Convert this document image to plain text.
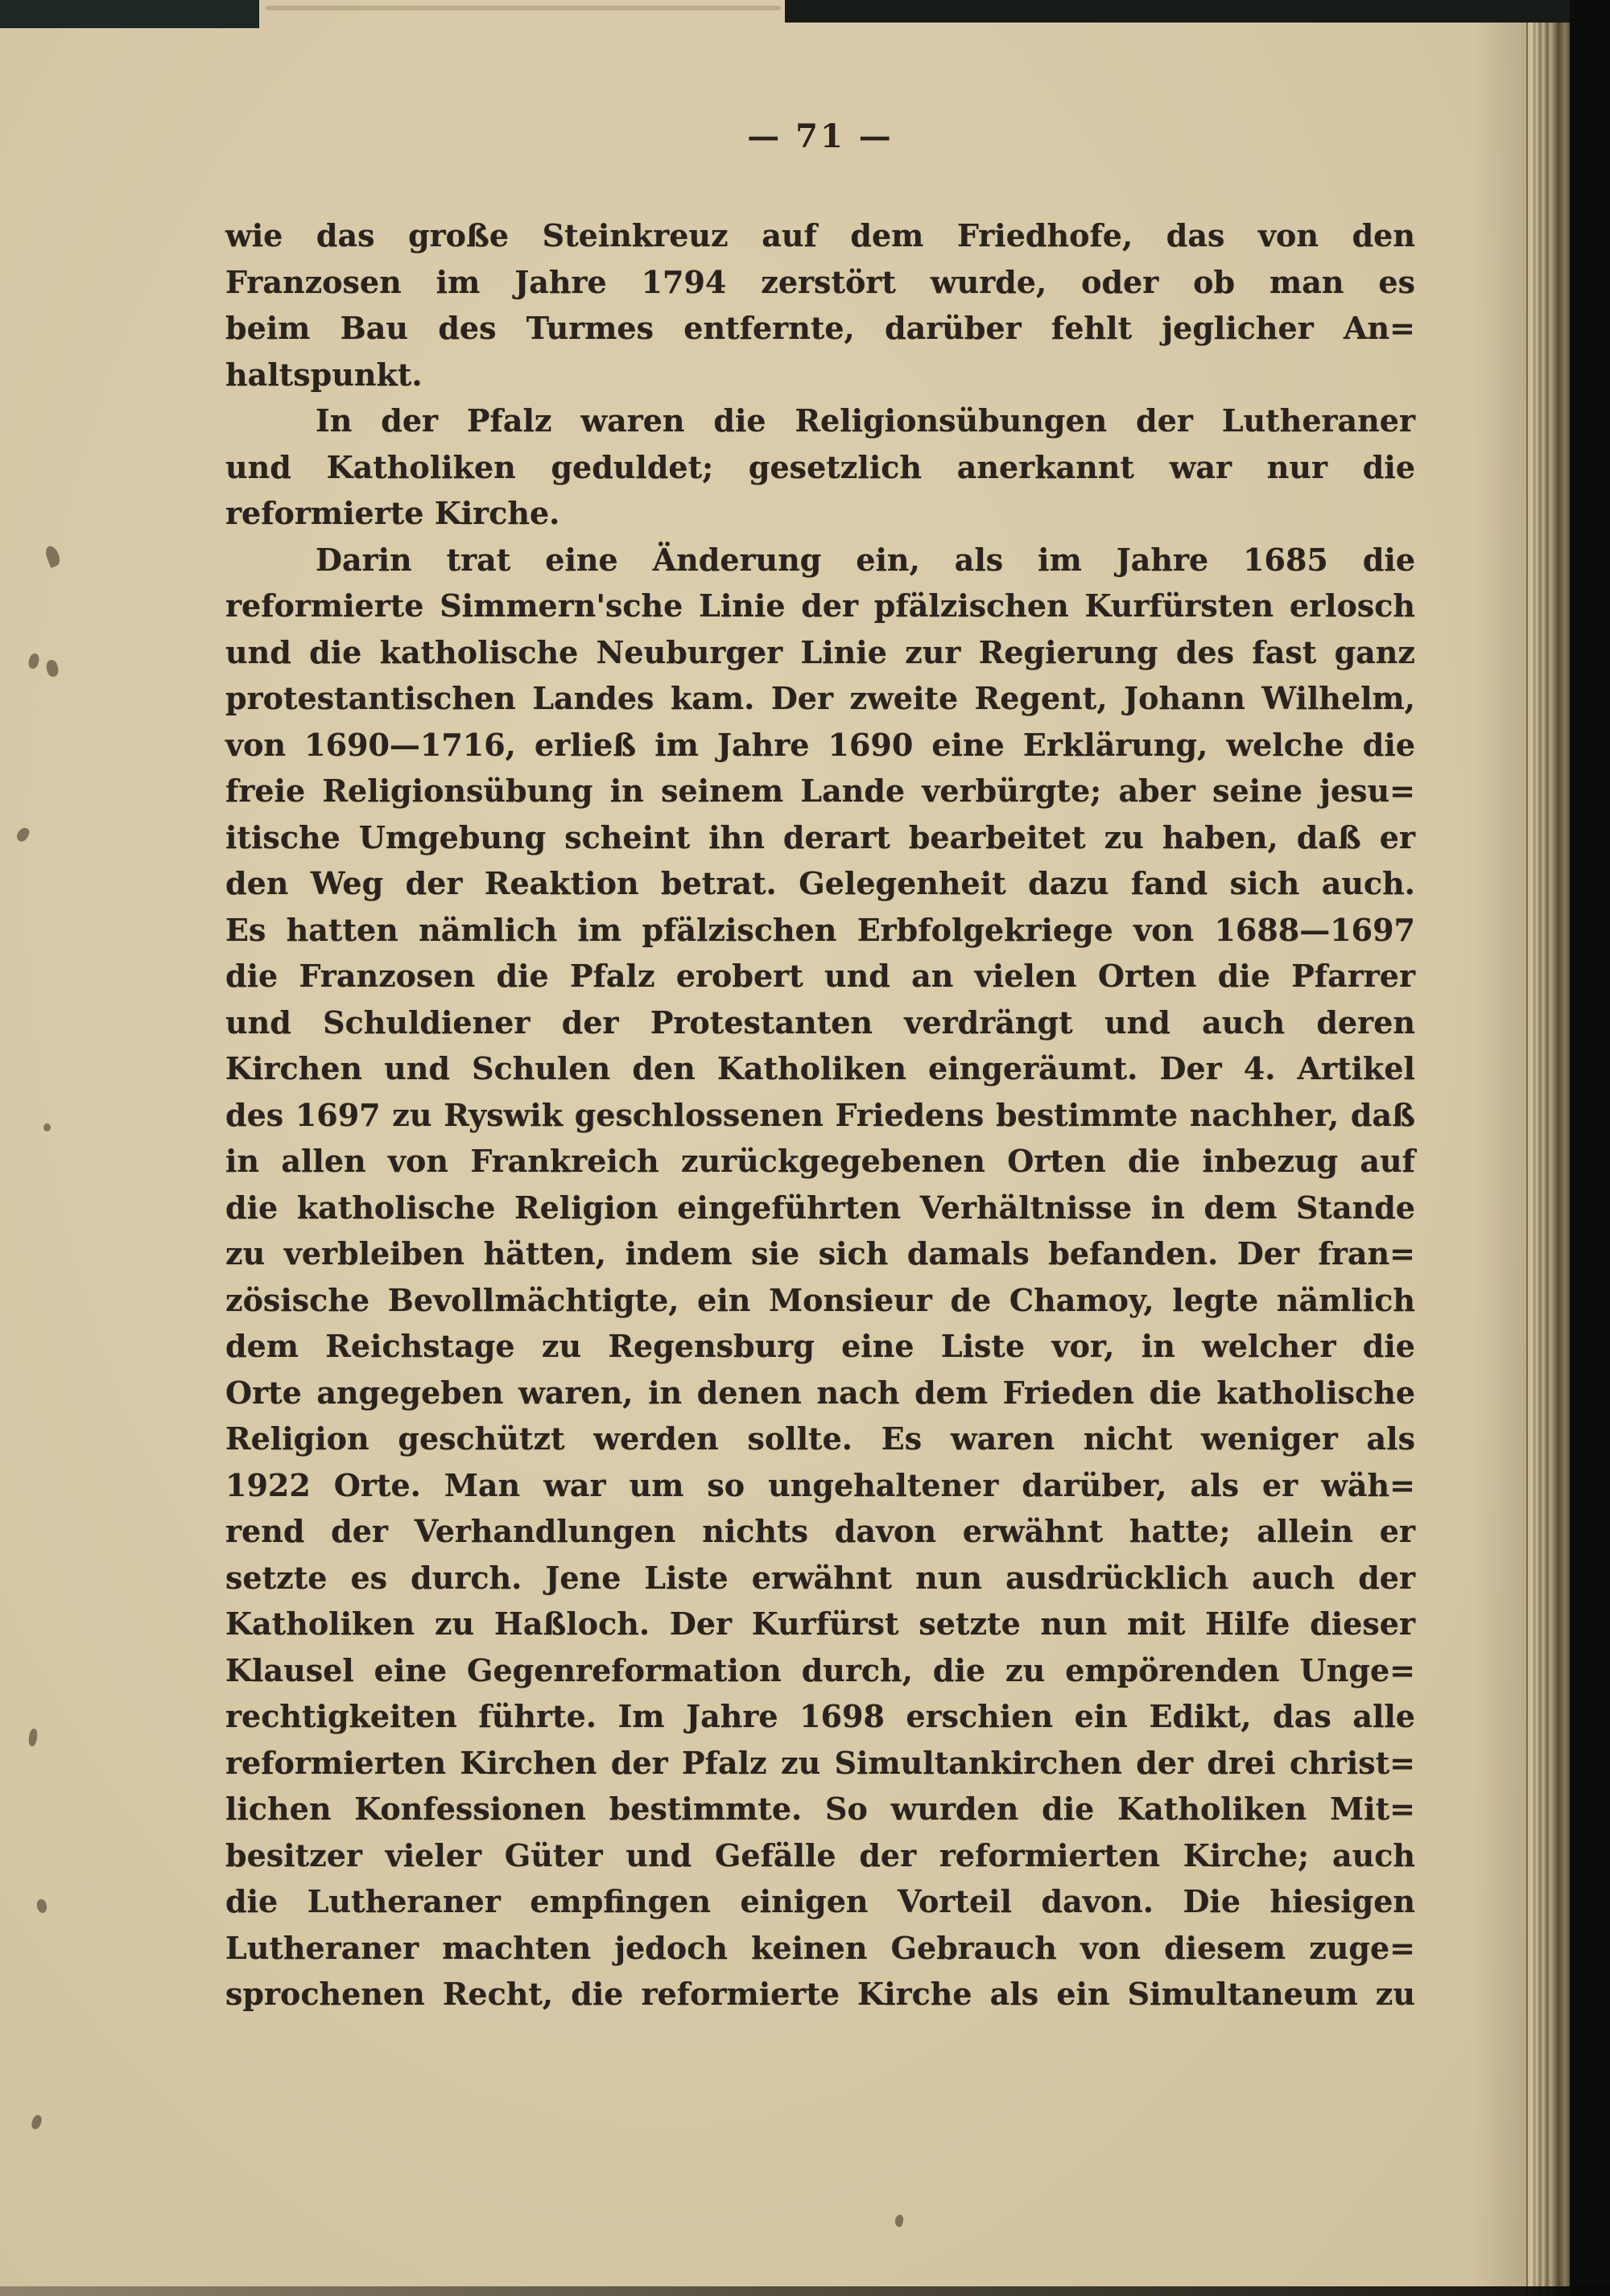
— 71 —
wie das große Steinkreuz auf dem Friedhofe, das von den
Franzosen im Jahre 1794 zerstört wurde, oder ob man es
beim Bau des Turmes entfernte, darüber fehlt jeglicher An=
haltspunkt.
In der Pfalz waren die Religionsübungen der Lutheraner
und Katholiken geduldet; gesetzlich anerkannt war nur die
reformierte Kirche.
Darin trat eine Änderung ein, als im Jahre 1685 die
reformierte Simmern'sche Linie der pfälzischen Kurfürsten erlosch
und die katholische Neuburger Linie zur Regierung des fast ganz
protestantischen Landes kam. Der zweite Regent, Johann Wilhelm,
von 1690—1716, erließ im Jahre 1690 eine Erklärung, welche die
freie Religionsübung in seinem Lande verbürgte; aber seine jesu=
itische Umgebung scheint ihn derart bearbeitet zu haben, daß er
den Weg der Reaktion betrat. Gelegenheit dazu fand sich auch.
Es hatten nämlich im pfälzischen Erbfolgekriege von 1688—1697
die Franzosen die Pfalz erobert und an vielen Orten die Pfarrer
und Schuldiener der Protestanten verdrängt und auch deren
Kirchen und Schulen den Katholiken eingeräumt. Der 4. Artikel
des 1697 zu Ryswik geschlossenen Friedens bestimmte nachher, daß
in allen von Frankreich zurückgegebenen Orten die inbezug auf
die katholische Religion eingeführten Verhältnisse in dem Stande
zu verbleiben hätten, indem sie sich damals befanden. Der fran=
zösische Bevollmächtigte, ein Monsieur de Chamoy, legte nämlich
dem Reichstage zu Regensburg eine Liste vor, in welcher die
Orte angegeben waren, in denen nach dem Frieden die katholische
Religion geschützt werden sollte. Es waren nicht weniger als
1922 Orte. Man war um so ungehaltener darüber, als er wäh=
rend der Verhandlungen nichts davon erwähnt hatte; allein er
setzte es durch. Jene Liste erwähnt nun ausdrücklich auch der
Katholiken zu Haßloch. Der Kurfürst setzte nun mit Hilfe dieser
Klausel eine Gegenreformation durch, die zu empörenden Unge=
rechtigkeiten führte. Im Jahre 1698 erschien ein Edikt, das alle
reformierten Kirchen der Pfalz zu Simultankirchen der drei christ=
lichen Konfessionen bestimmte. So wurden die Katholiken Mit=
besitzer vieler Güter und Gefälle der reformierten Kirche; auch
die Lutheraner empfingen einigen Vorteil davon. Die hiesigen
Lutheraner machten jedoch keinen Gebrauch von diesem zuge=
sprochenen Recht, die reformierte Kirche als ein Simultaneum zu
